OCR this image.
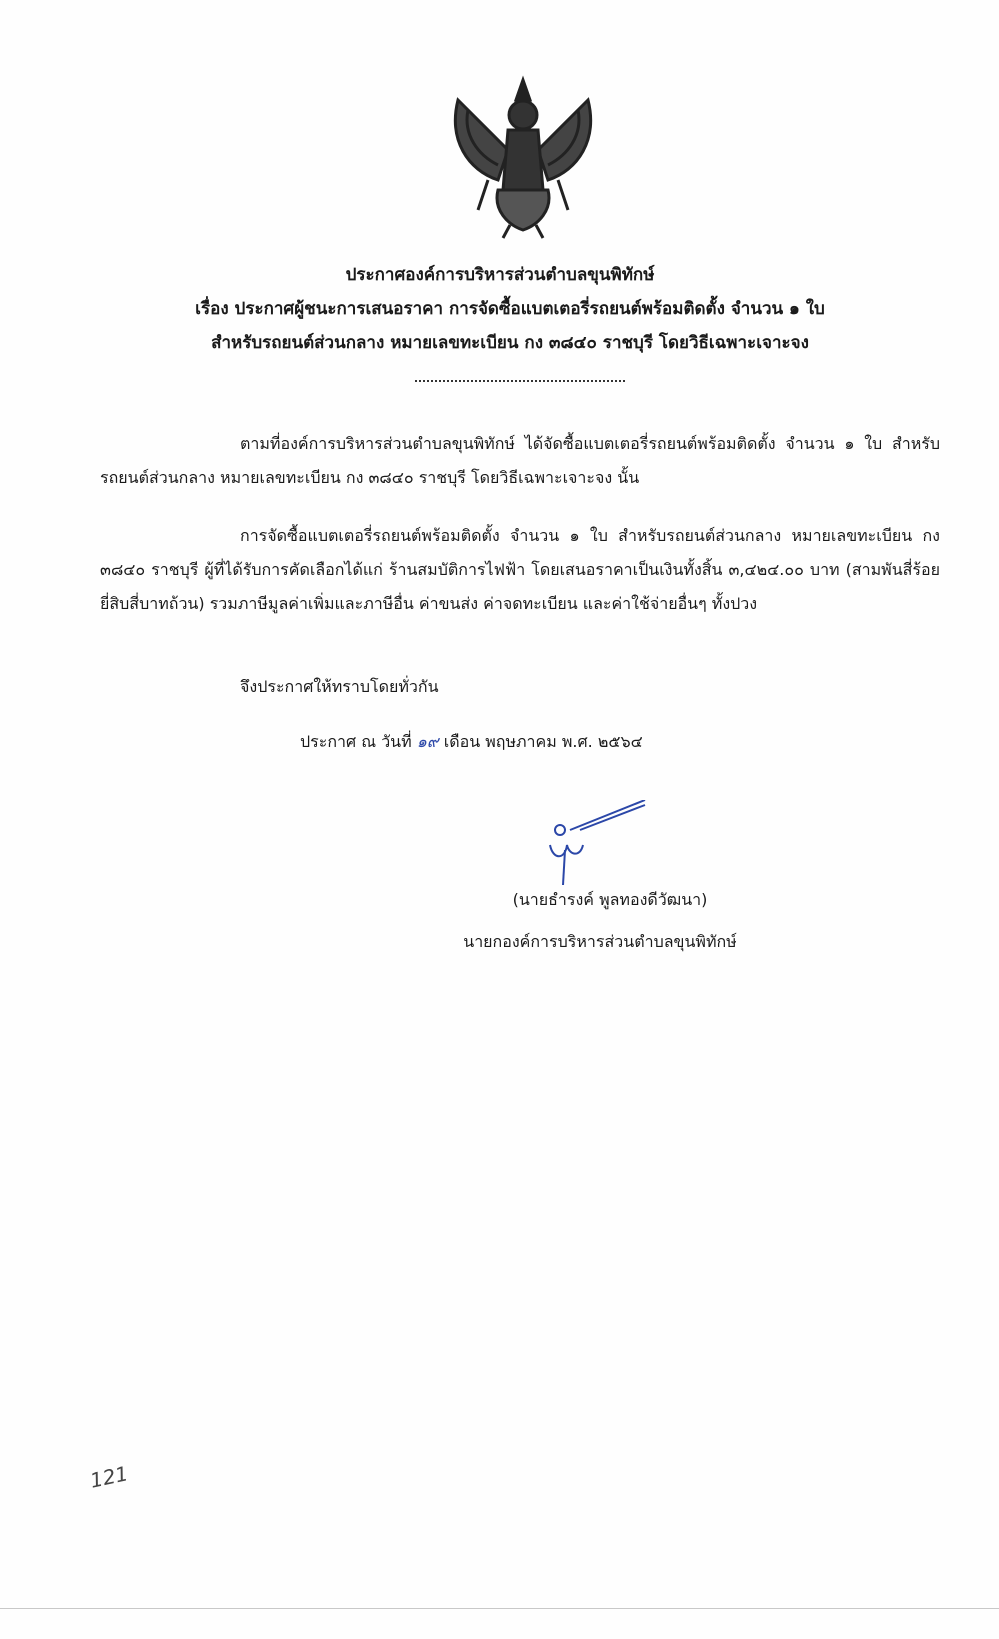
ประกาศองค์การบริหารส่วนตำบลขุนพิทักษ์
เรื่อง ประกาศผู้ชนะการเสนอราคา การจัดซื้อแบตเตอรี่รถยนต์พร้อมติดตั้ง จำนวน ๑ ใบ
สำหรับรถยนต์ส่วนกลาง หมายเลขทะเบียน กง ๓๘๔๐ ราชบุรี โดยวิธีเฉพาะเจาะจง
ตามที่องค์การบริหารส่วนตำบลขุนพิทักษ์ ได้จัดซื้อแบตเตอรี่รถยนต์พร้อมติดตั้ง จำนวน ๑ ใบ สำหรับรถยนต์ส่วนกลาง หมายเลขทะเบียน กง ๓๘๔๐ ราชบุรี โดยวิธีเฉพาะเจาะจง นั้น
การจัดซื้อแบตเตอรี่รถยนต์พร้อมติดตั้ง จำนวน ๑ ใบ สำหรับรถยนต์ส่วนกลาง หมายเลขทะเบียน กง ๓๘๔๐ ราชบุรี ผู้ที่ได้รับการคัดเลือกได้แก่ ร้านสมบัติการไฟฟ้า โดยเสนอราคาเป็นเงินทั้งสิ้น ๓,๔๒๔.๐๐ บาท (สามพันสี่ร้อยยี่สิบสี่บาทถ้วน) รวมภาษีมูลค่าเพิ่มและภาษีอื่น ค่าขนส่ง ค่าจดทะเบียน และค่าใช้จ่ายอื่นๆ ทั้งปวง
จึงประกาศให้ทราบโดยทั่วกัน
ประกาศ ณ วันที่ ๑๙ เดือน พฤษภาคม พ.ศ. ๒๕๖๔
(นายธำรงค์ พูลทองดีวัฒนา)
นายกองค์การบริหารส่วนตำบลขุนพิทักษ์
121
